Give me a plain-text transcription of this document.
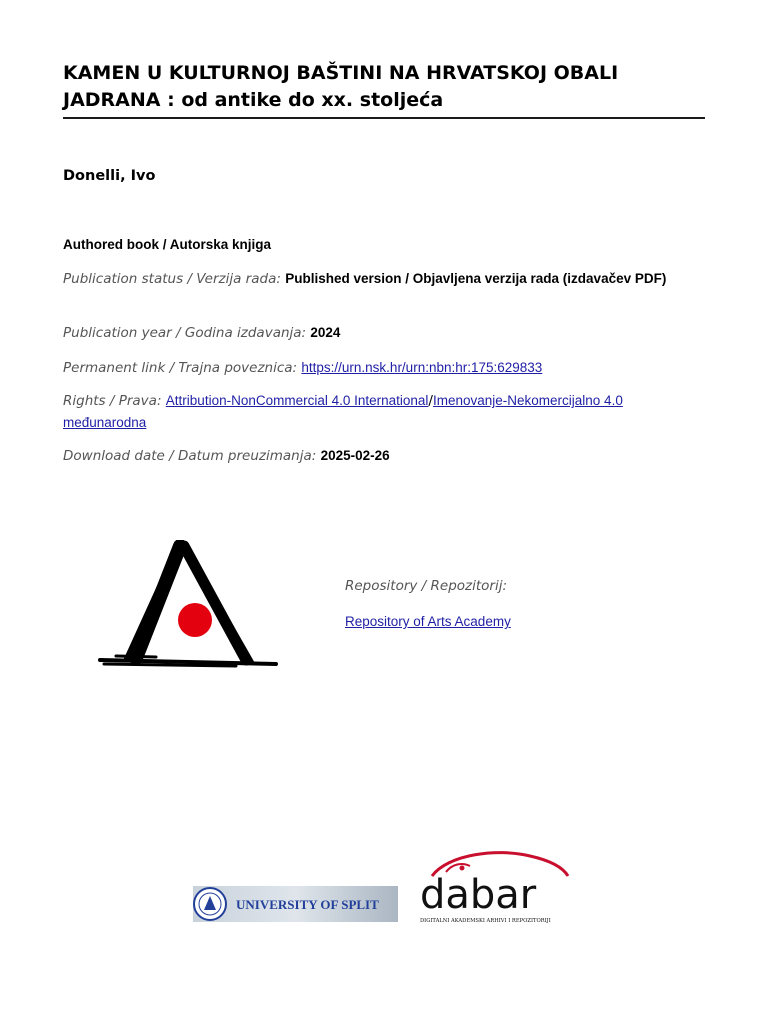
KAMEN U KULTURNOJ BAŠTINI NA HRVATSKOJ OBALI JADRANA : od antike do xx. stoljeća
Donelli, Ivo
Authored book / Autorska knjiga
Publication status / Verzija rada: Published version / Objavljena verzija rada (izdavačev PDF)
Publication year / Godina izdavanja: 2024
Permanent link / Trajna poveznica: https://urn.nsk.hr/urn:nbn:hr:175:629833
Rights / Prava: Attribution-NonCommercial 4.0 International/Imenovanje-Nekomercijalno 4.0 međunarodna
Download date / Datum preuzimanja: 2025-02-26
Repository / Repozitorij:
Repository of Arts Academy
UNIVERSITY OF SPLIT dabar
DIGITALNI AKADEMSKI ARHIVI I REPOZITORIJI
